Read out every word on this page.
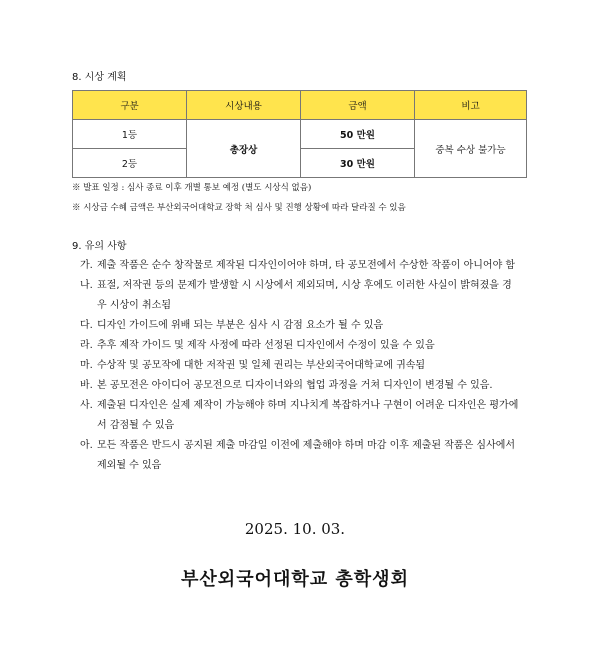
8. 시상 계획
구분	시상내용	금액	비고
1등	총장상	50 만원	중복 수상 불가능
2등		30 만원	
※ 발표 일정 : 심사 종료 이후 개별 통보 예정 (별도 시상식 없음)
※ 시상금 수혜 금액은 부산외국어대학교 장학 처 심사 및 진행 상황에 따라 달라질 수 있음
9. 유의 사항
가. 제출 작품은 순수 창작물로 제작된 디자인이어야 하며, 타 공모전에서 수상한 작품이 아니어야 함
나. 표절, 저작권 등의 문제가 발생할 시 시상에서 제외되며, 시상 후에도 이러한 사실이 밝혀졌을 경우 시상이 취소됨
다. 디자인 가이드에 위배 되는 부분은 심사 시 감점 요소가 될 수 있음
라. 추후 제작 가이드 및 제작 사정에 따라 선정된 디자인에서 수정이 있을 수 있음
마. 수상작 및 공모작에 대한 저작권 및 일체 권리는 부산외국어대학교에 귀속됨
바. 본 공모전은 아이디어 공모전으로 디자이너와의 협업 과정을 거쳐 디자인이 변경될 수 있음.
사. 제출된 디자인은 실제 제작이 가능해야 하며 지나치게 복잡하거나 구현이 어려운 디자인은 평가에서 감점될 수 있음
아. 모든 작품은 반드시 공지된 제출 마감일 이전에 제출해야 하며 마감 이후 제출된 작품은 심사에서 제외될 수 있음
2025. 10. 03.
부산외국어대학교 총학생회
